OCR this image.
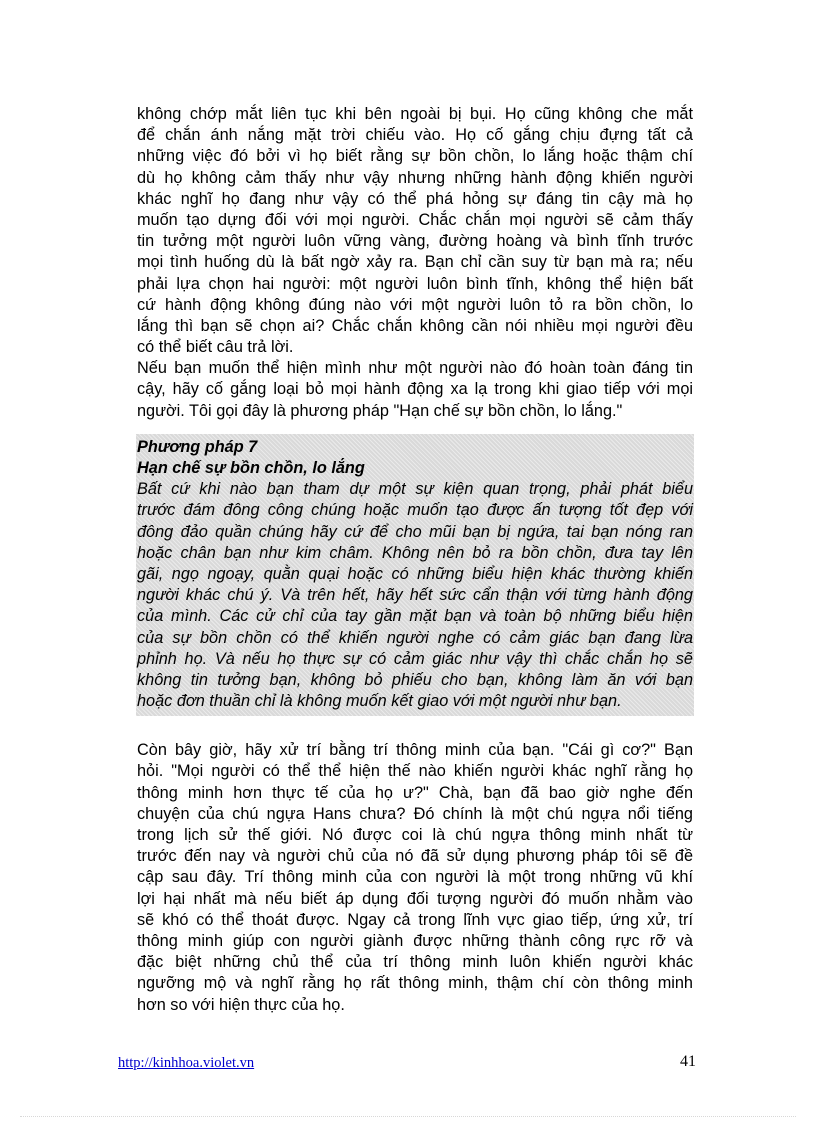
không chớp mắt liên tục khi bên ngoài bị bụi. Họ cũng không che mắt
để chắn ánh nắng mặt trời chiếu vào. Họ cố gắng chịu đựng tất cả
những việc đó bởi vì họ biết rằng sự bồn chồn, lo lắng hoặc thậm chí
dù họ không cảm thấy như vậy nhưng những hành động khiến người
khác nghĩ họ đang như vậy có thể phá hỏng sự đáng tin cậy mà họ
muốn tạo dựng đối với mọi người. Chắc chắn mọi người sẽ cảm thấy
tin tưởng một người luôn vững vàng, đường hoàng và bình tĩnh trước
mọi tình huống dù là bất ngờ xảy ra. Bạn chỉ cần suy từ bạn mà ra; nếu
phải lựa chọn hai người: một người luôn bình tĩnh, không thể hiện bất
cứ hành động không đúng nào với một người luôn tỏ ra bồn chồn, lo
lắng thì bạn sẽ chọn ai? Chắc chắn không cần nói nhiều mọi người đều
có thể biết câu trả lời.
Nếu bạn muốn thể hiện mình như một người nào đó hoàn toàn đáng tin
cậy, hãy cố gắng loại bỏ mọi hành động xa lạ trong khi giao tiếp với mọi
người. Tôi gọi đây là phương pháp "Hạn chế sự bồn chồn, lo lắng."
Phương pháp 7
Hạn chế sự bồn chồn, lo lắng
Bất cứ khi nào bạn tham dự một sự kiện quan trọng, phải phát biểu
trước đám đông công chúng hoặc muốn tạo được ấn tượng tốt đẹp với
đông đảo quần chúng hãy cứ để cho mũi bạn bị ngứa, tai bạn nóng ran
hoặc chân bạn như kim châm. Không nên bỏ ra bồn chồn, đưa tay lên
gãi, ngọ ngoạy, quằn quại hoặc có những biểu hiện khác thường khiến
người khác chú ý. Và trên hết, hãy hết sức cẩn thận với từng hành động
của mình. Các cử chỉ của tay gần mặt bạn và toàn bộ những biểu hiện
của sự bồn chồn có thể khiến người nghe có cảm giác bạn đang lừa
phỉnh họ. Và nếu họ thực sự có cảm giác như vậy thì chắc chắn họ sẽ
không tin tưởng bạn, không bỏ phiếu cho bạn, không làm ăn với bạn
hoặc đơn thuần chỉ là không muốn kết giao với một người như bạn.
Còn bây giờ, hãy xử trí bằng trí thông minh của bạn. "Cái gì cơ?" Bạn
hỏi. "Mọi người có thể thể hiện thế nào khiến người khác nghĩ rằng họ
thông minh hơn thực tế của họ ư?" Chà, bạn đã bao giờ nghe đến
chuyện của chú ngựa Hans chưa? Đó chính là một chú ngựa nổi tiếng
trong lịch sử thế giới. Nó được coi là chú ngựa thông minh nhất từ
trước đến nay và người chủ của nó đã sử dụng phương pháp tôi sẽ đề
cập sau đây. Trí thông minh của con người là một trong những vũ khí
lợi hại nhất mà nếu biết áp dụng đối tượng người đó muốn nhằm vào
sẽ khó có thể thoát được. Ngay cả trong lĩnh vực giao tiếp, ứng xử, trí
thông minh giúp con người giành được những thành công rực rỡ và
đặc biệt những chủ thể của trí thông minh luôn khiến người khác
ngưỡng mộ và nghĩ rằng họ rất thông minh, thậm chí còn thông minh
hơn so với hiện thực của họ.
http://kinhhoa.violet.vn	41
